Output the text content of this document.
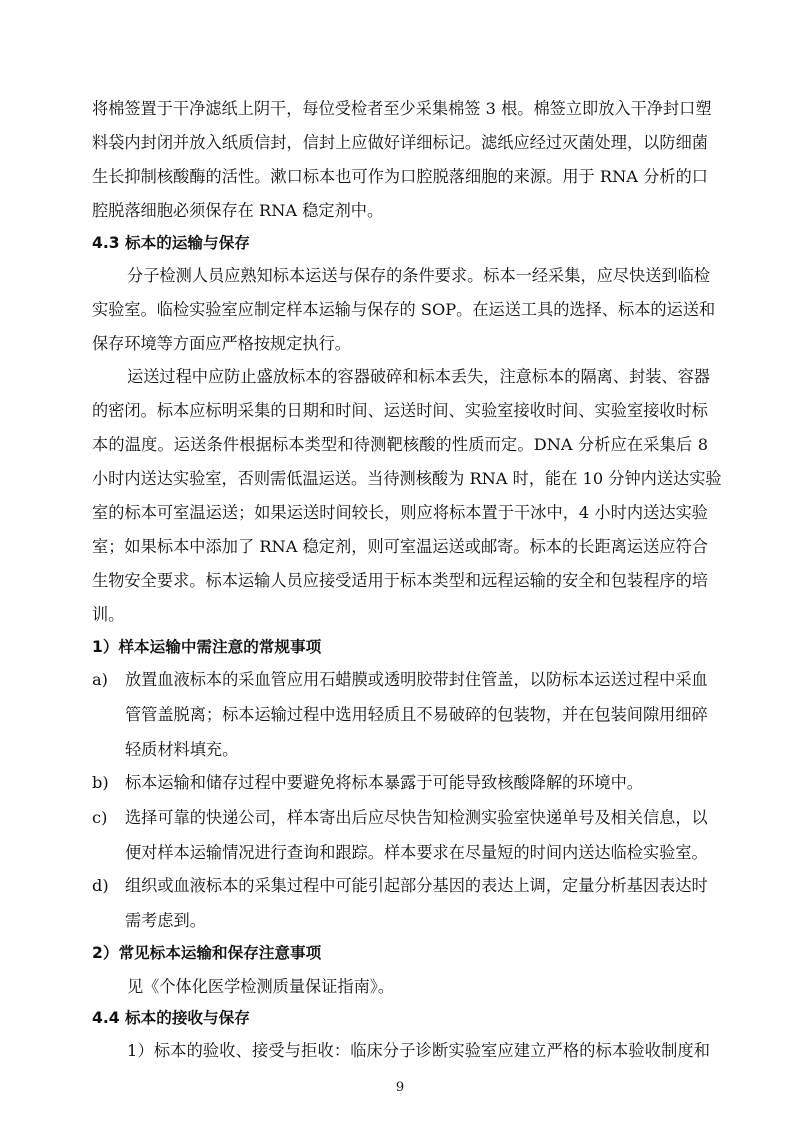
将棉签置于干净滤纸上阴干，每位受检者至少采集棉签 3 根。棉签立即放入干净封口塑
料袋内封闭并放入纸质信封，信封上应做好详细标记。滤纸应经过灭菌处理，以防细菌
生长抑制核酸酶的活性。漱口标本也可作为口腔脱落细胞的来源。用于 RNA 分析的口
腔脱落细胞必须保存在 RNA 稳定剂中。
4.3 标本的运输与保存
分子检测人员应熟知标本运送与保存的条件要求。标本一经采集，应尽快送到临检
实验室。临检实验室应制定样本运输与保存的 SOP。在运送工具的选择、标本的运送和
保存环境等方面应严格按规定执行。
运送过程中应防止盛放标本的容器破碎和标本丢失，注意标本的隔离、封装、容器
的密闭。标本应标明采集的日期和时间、运送时间、实验室接收时间、实验室接收时标
本的温度。运送条件根据标本类型和待测靶核酸的性质而定。DNA 分析应在采集后 8
小时内送达实验室，否则需低温运送。当待测核酸为 RNA 时，能在 10 分钟内送达实验
室的标本可室温运送；如果运送时间较长，则应将标本置于干冰中，4 小时内送达实验
室；如果标本中添加了 RNA 稳定剂，则可室温运送或邮寄。标本的长距离运送应符合
生物安全要求。标本运输人员应接受适用于标本类型和远程运输的安全和包装程序的培
训。
1）样本运输中需注意的常规事项
a) 放置血液标本的采血管应用石蜡膜或透明胶带封住管盖，以防标本运送过程中采血
管管盖脱离；标本运输过程中选用轻质且不易破碎的包装物，并在包装间隙用细碎
轻质材料填充。
b) 标本运输和储存过程中要避免将标本暴露于可能导致核酸降解的环境中。
c) 选择可靠的快递公司，样本寄出后应尽快告知检测实验室快递单号及相关信息，以
便对样本运输情况进行查询和跟踪。样本要求在尽量短的时间内送达临检实验室。
d) 组织或血液标本的采集过程中可能引起部分基因的表达上调，定量分析基因表达时
需考虑到。
2）常见标本运输和保存注意事项
见《个体化医学检测质量保证指南》。
4.4 标本的接收与保存
1）标本的验收、接受与拒收：临床分子诊断实验室应建立严格的标本验收制度和
9
